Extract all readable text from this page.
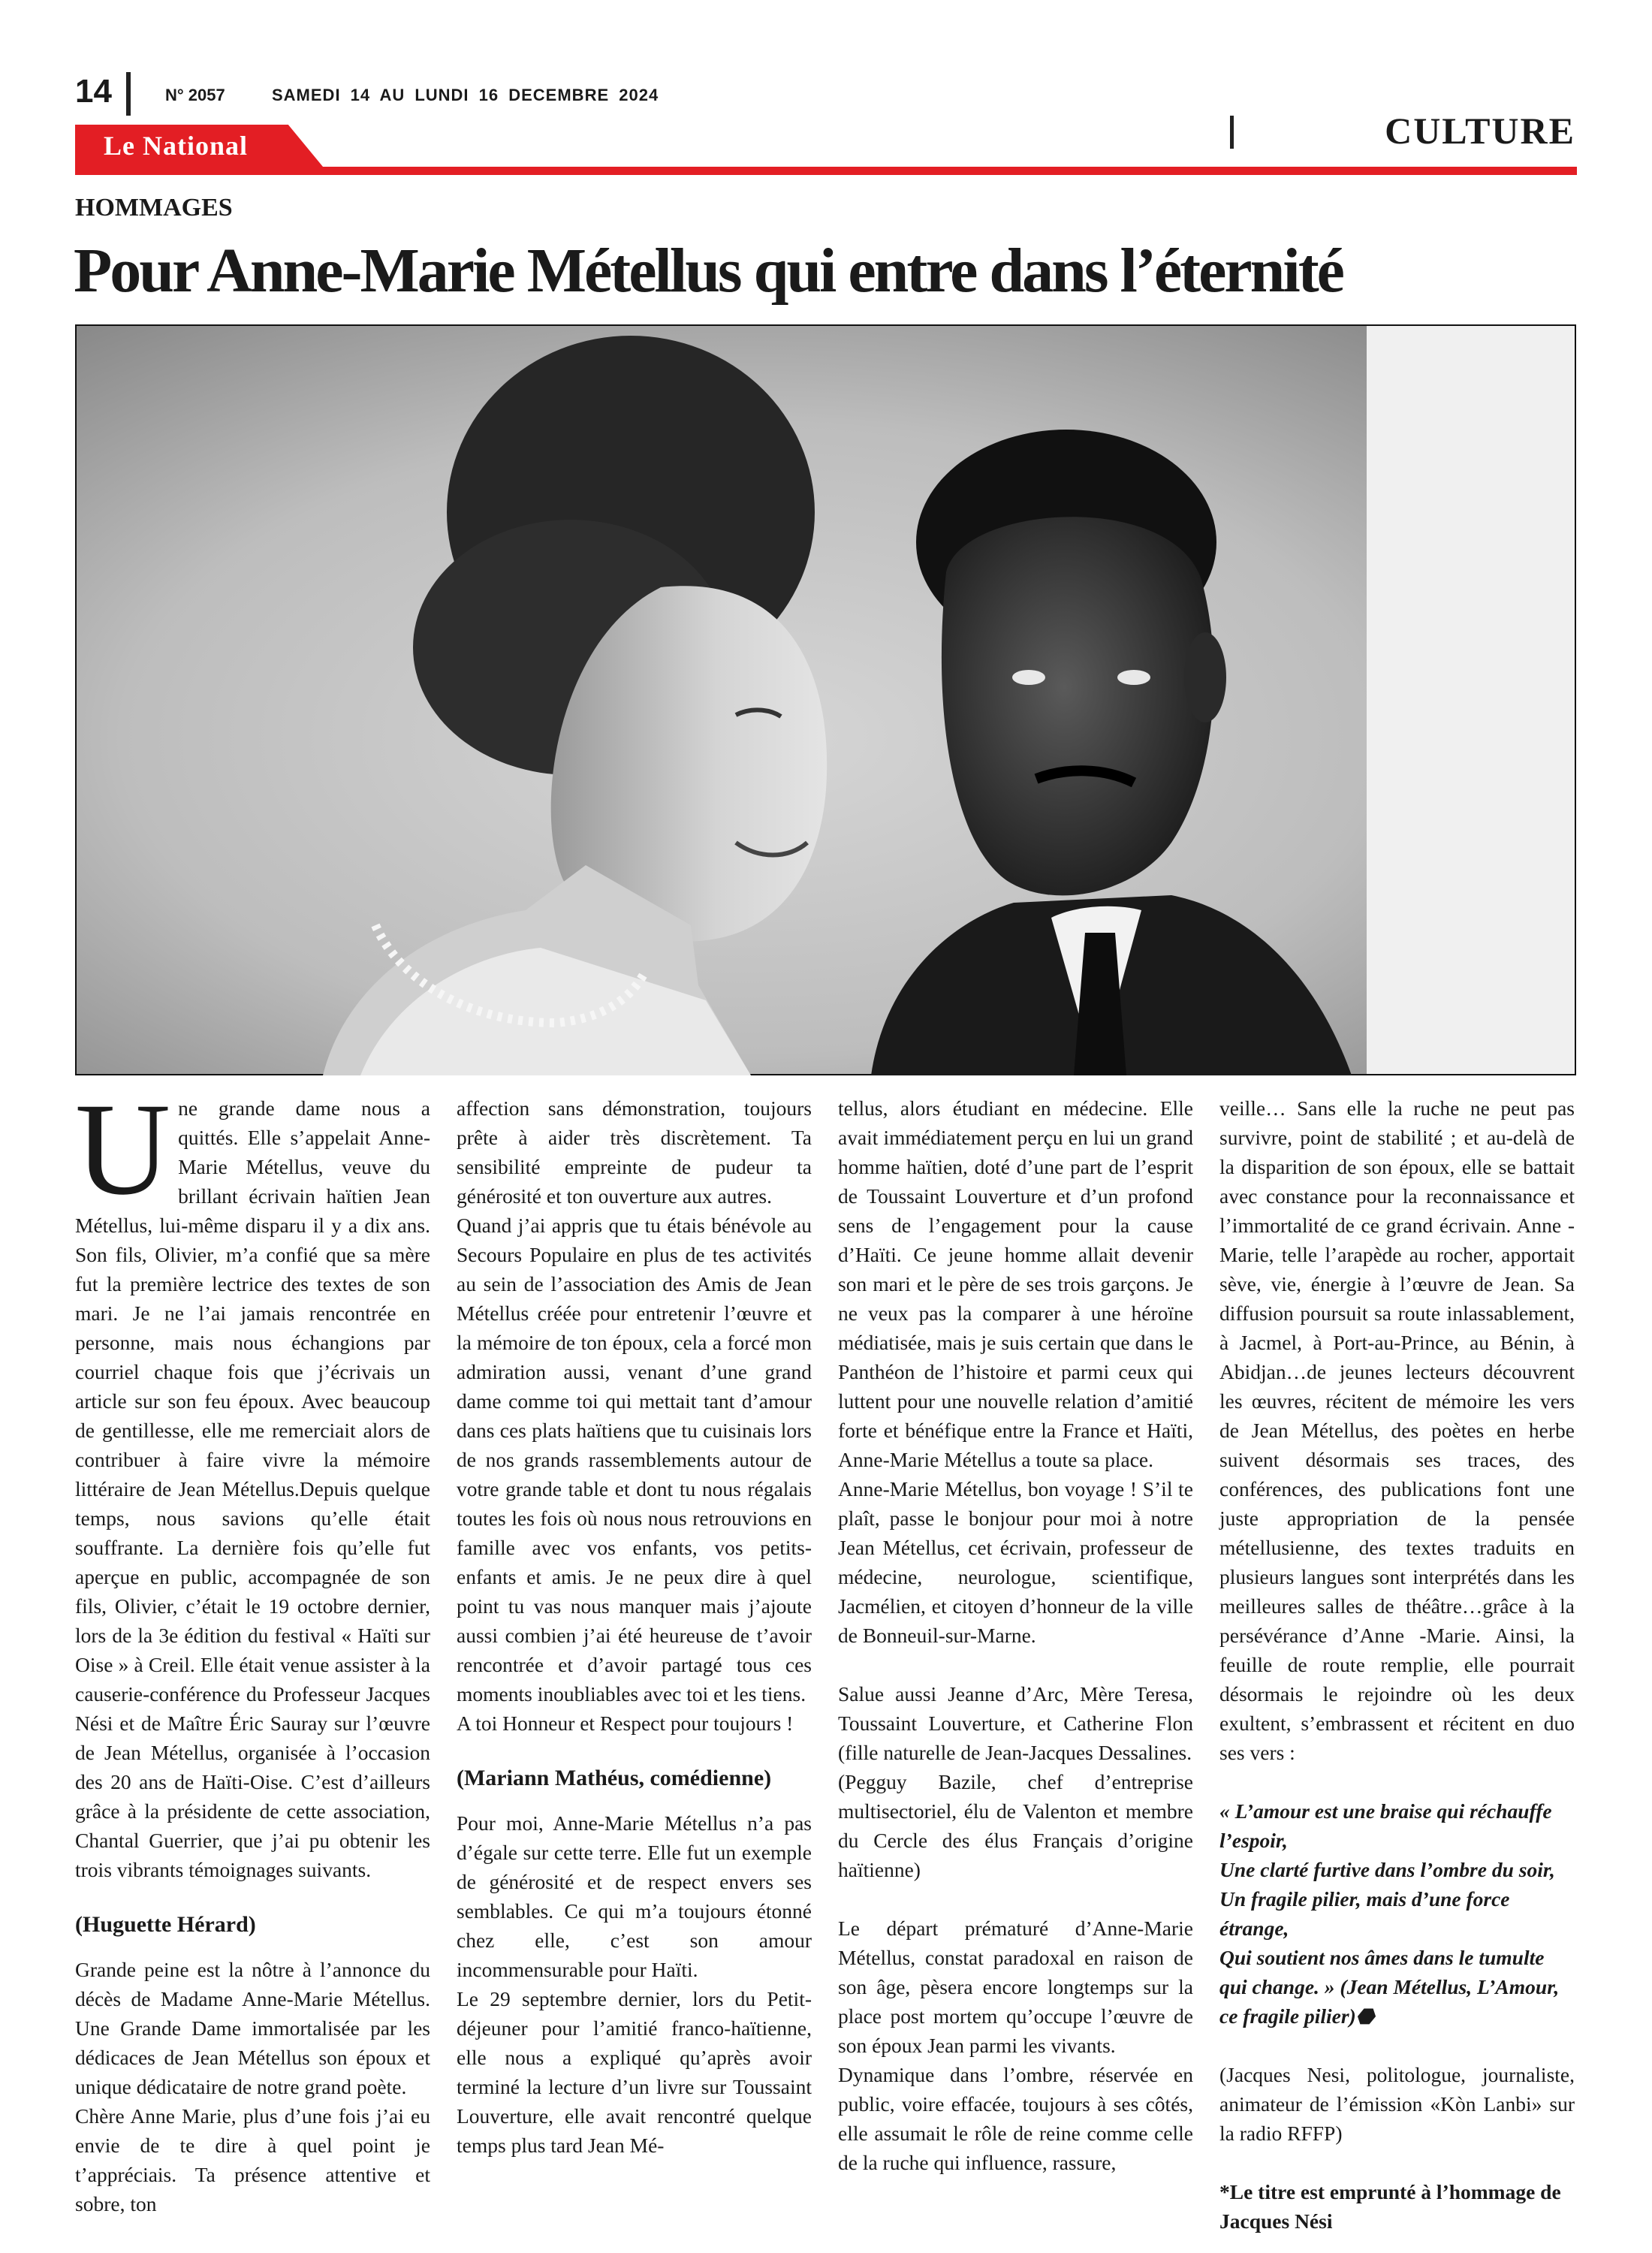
14	N° 2057	SAMEDI 14 AU LUNDI 16 DECEMBRE 2024
CULTURE
Le National
HOMMAGES
Pour Anne-Marie Métellus qui entre dans l’éternité

Une grande dame nous a quittés. Elle s’appelait Anne-Marie Métellus, veuve du brillant écrivain haïtien Jean Métellus, lui-même disparu il y a dix ans. Son fils, Olivier, m’a confié que sa mère fut la première lectrice des textes de son mari. Je ne l’ai jamais rencontrée en personne, mais nous échangions par courriel chaque fois que j’écrivais un article sur son feu époux. Avec beaucoup de gentillesse, elle me remerciait alors de contribuer à faire vivre la mémoire littéraire de Jean Métellus.Depuis quelque temps, nous savions qu’elle était souffrante. La dernière fois qu’elle fut aperçue en public, accompagnée de son fils, Olivier, c’était le 19 octobre dernier, lors de la 3e édition du festival « Haïti sur Oise » à Creil. Elle était venue assister à la causerie-conférence du Professeur Jacques Nési et de Maître Éric Sauray sur l’œuvre de Jean Métellus, organisée à l’occasion des 20 ans de Haïti-Oise. C’est d’ailleurs grâce à la présidente de cette association, Chantal Guerrier, que j’ai pu obtenir les trois vibrants témoignages suivants.

(Huguette Hérard)

Grande peine est la nôtre à l’annonce du décès de Madame Anne-Marie Métellus. Une Grande Dame immortalisée par les dédicaces de Jean Métellus son époux et unique dédicataire de notre grand poète.

Chère Anne Marie, plus d’une fois j’ai eu envie de te dire à quel point je t’appréciais. Ta présence attentive et sobre, ton

affection sans démonstration, toujours prête à aider très discrètement. Ta sensibilité empreinte de pudeur ta générosité et ton ouverture aux autres.

Quand j’ai appris que tu étais bénévole au Secours Populaire en plus de tes activités au sein de l’association des Amis de Jean Métellus créée pour entretenir l’œuvre et la mémoire de ton époux, cela a forcé mon admiration aussi, venant d’une grand dame comme toi qui mettait tant d’amour dans ces plats haïtiens que tu cuisinais lors de nos grands rassemblements autour de votre grande table et dont tu nous régalais toutes les fois où nous nous retrouvions en famille avec vos enfants, vos petits-enfants et amis. Je ne peux dire à quel point tu vas nous manquer mais j’ajoute aussi combien j’ai été heureuse de t’avoir rencontrée et d’avoir partagé tous ces moments inoubliables avec toi et les tiens.

A toi Honneur et Respect pour toujours !

(Mariann Mathéus, comédienne)

Pour moi, Anne-Marie Métellus n’a pas d’égale sur cette terre. Elle fut un exemple de générosité et de respect envers ses semblables. Ce qui m’a toujours étonné chez elle, c’est son amour incommensurable pour Haïti.

Le 29 septembre dernier, lors du Petit-déjeuner pour l’amitié franco-haïtienne, elle nous a expliqué qu’après avoir terminé la lecture d’un livre sur Toussaint Louverture, elle avait rencontré quelque temps plus tard Jean Mé-

tellus, alors étudiant en médecine. Elle avait immédiatement perçu en lui un grand homme haïtien, doté d’une part de l’esprit de Toussaint Louverture et d’un profond sens de l’engagement pour la cause d’Haïti. Ce jeune homme allait devenir son mari et le père de ses trois garçons. Je ne veux pas la comparer à une héroïne médiatisée, mais je suis certain que dans le Panthéon de l’histoire et parmi ceux qui luttent pour une nouvelle relation d’amitié forte et bénéfique entre la France et Haïti, Anne-Marie Métellus a toute sa place.

Anne-Marie Métellus, bon voyage ! S’il te plaît, passe le bonjour pour moi à notre Jean Métellus, cet écrivain, professeur de médecine, neurologue, scientifique, Jacmélien, et citoyen d’honneur de la ville de Bonneuil-sur-Marne.

Salue aussi Jeanne d’Arc, Mère Teresa, Toussaint Louverture, et Catherine Flon (fille naturelle de Jean-Jacques Dessalines.

(Pegguy Bazile, chef d’entreprise multisectoriel, élu de Valenton et membre du Cercle des élus Français d’origine haïtienne)

Le départ prématuré d’Anne-Marie Métellus, constat paradoxal en raison de son âge, pèsera encore longtemps sur la place post mortem qu’occupe l’œuvre de son époux Jean parmi les vivants.

Dynamique dans l’ombre, réservée en public, voire effacée, toujours à ses côtés, elle assumait le rôle de reine comme celle de la ruche qui influence, rassure,

veille… Sans elle la ruche ne peut pas survivre, point de stabilité ; et au-delà de la disparition de son époux, elle se battait avec constance pour la reconnaissance et l’immortalité de ce grand écrivain. Anne -Marie, telle l’arapède au rocher, apportait sève, vie, énergie à l’œuvre de Jean. Sa diffusion poursuit sa route inlassablement, à Jacmel, à Port-au-Prince, au Bénin, à Abidjan…de jeunes lecteurs découvrent les œuvres, récitent de mémoire les vers de Jean Métellus, des poètes en herbe suivent désormais ses traces, des conférences, des publications font une juste appropriation de la pensée métellusienne, des textes traduits en plusieurs langues sont interprétés dans les meilleures salles de théâtre…grâce à la persévérance d’Anne -Marie. Ainsi, la feuille de route remplie, elle pourrait désormais le rejoindre où les deux exultent, s’embrassent et récitent en duo ses vers :

« L’amour est une braise qui réchauffe l’espoir,
Une clarté furtive dans l’ombre du soir,
Un fragile pilier, mais d’une force étrange,
Qui soutient nos âmes dans le tumulte qui change. » (Jean Métellus, L’Amour, ce fragile pilier)⬣

(Jacques Nesi, politologue, journaliste, animateur de l’émission «Kòn Lanbi» sur la radio RFFP)

*Le titre est emprunté à l’hommage de Jacques Nési
